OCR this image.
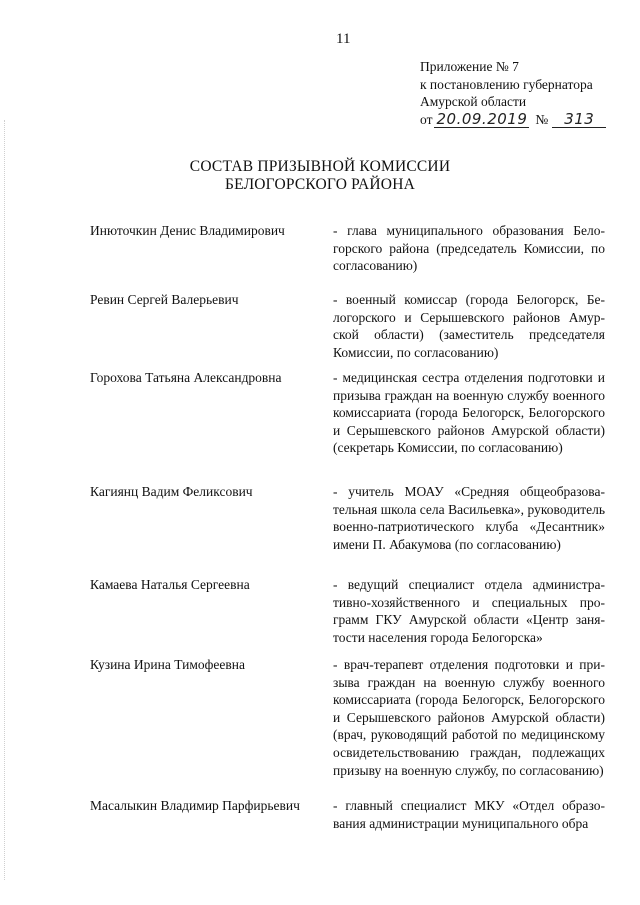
11
Приложение № 7
к постановлению губернатора
Амурской области
от 20.09.2019 №	313
СОСТАВ ПРИЗЫВНОЙ КОМИССИИ
БЕЛОГОРСКОГО РАЙОНА
Инюточкин Денис Владимирович	- глава муниципального образования Белогорского района (председатель Комиссии, по согласованию)
Ревин Сергей Валерьевич	- военный комиссар (города Белогорск, Белогорского и Серышевского районов Амурской области) (заместитель председателя Комиссии, по согласованию)
Горохова Татьяна Александровна	- медицинская сестра отделения подготовки и призыва граждан на военную службу военного комиссариата (города Белогорск, Белогорского и Серышевского районов Амурской области) (секретарь Комиссии, по согласованию)
Кагиянц Вадим Феликсович	- учитель МОАУ «Средняя общеобразовательная школа села Васильевка», руководитель военно-патриотического клуба «Десантник» имени П. Абакумова (по согласованию)
Камаева Наталья Сергеевна	- ведущий специалист отдела административно-хозяйственного и специальных программ ГКУ Амурской области «Центр занятости населения города Белогорска»
Кузина Ирина Тимофеевна	- врач-терапевт отделения подготовки и призыва граждан на военную службу военного комиссариата (города Белогорск, Белогорского и Серышевского районов Амурской области) (врач, руководящий работой по медицинскому освидетельствованию граждан, подлежащих призыву на военную службу, по согласованию)
Масалыкин Владимир Парфирьевич	- главный специалист МКУ «Отдел образования администрации муниципального обра
